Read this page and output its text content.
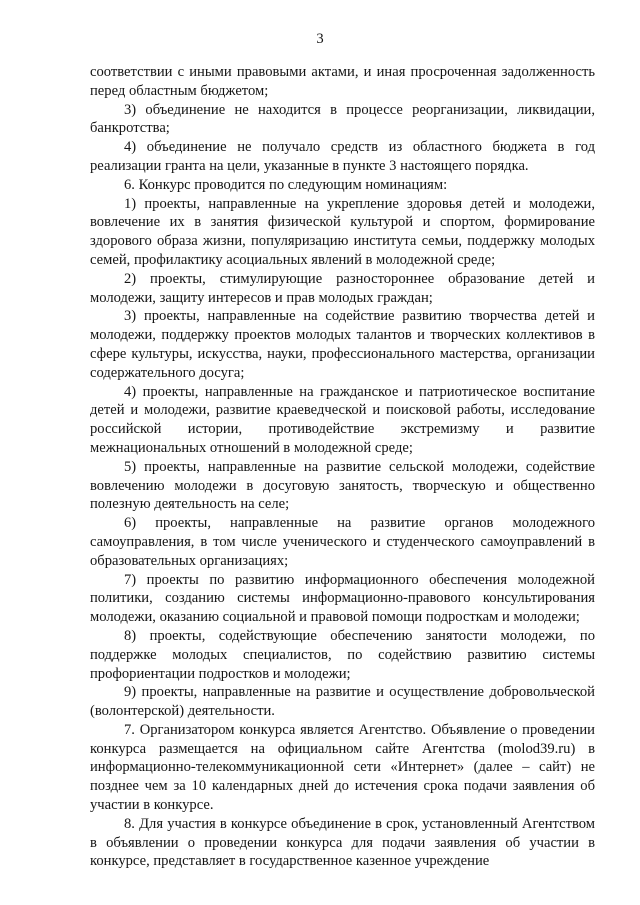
3

соответствии с иными правовыми актами, и иная просроченная задолженность перед областным бюджетом;

3) объединение не находится в процессе реорганизации, ликвидации, банкротства;

4) объединение не получало средств из областного бюджета в год реализации гранта на цели, указанные в пункте 3 настоящего порядка.

6. Конкурс проводится по следующим номинациям:

1) проекты, направленные на укрепление здоровья детей и молодежи, вовлечение их в занятия физической культурой и спортом, формирование здорового образа жизни, популяризацию института семьи, поддержку молодых семей, профилактику асоциальных явлений в молодежной среде;

2) проекты, стимулирующие разностороннее образование детей и молодежи, защиту интересов и прав молодых граждан;

3) проекты, направленные на содействие развитию творчества детей и молодежи, поддержку проектов молодых талантов и творческих коллективов в сфере культуры, искусства, науки, профессионального мастерства, организации содержательного досуга;

4) проекты, направленные на гражданское и патриотическое воспитание детей и молодежи, развитие краеведческой и поисковой работы, исследование российской истории, противодействие экстремизму и развитие межнациональных отношений в молодежной среде;

5) проекты, направленные на развитие сельской молодежи, содействие вовлечению молодежи в досуговую занятость, творческую и общественно полезную деятельность на селе;

6) проекты, направленные на развитие органов молодежного самоуправления, в том числе ученического и студенческого самоуправлений в образовательных организациях;

7) проекты по развитию информационного обеспечения молодежной политики, созданию системы информационно-правового консультирования молодежи, оказанию социальной и правовой помощи подросткам и молодежи;

8) проекты, содействующие обеспечению занятости молодежи, по поддержке молодых специалистов, по содействию развитию системы профориентации подростков и молодежи;

9) проекты, направленные на развитие и осуществление добровольческой (волонтерской) деятельности.

7. Организатором конкурса является Агентство. Объявление о проведении конкурса размещается на официальном сайте Агентства (molod39.ru) в информационно-телекоммуникационной сети «Интернет» (далее – сайт) не позднее чем за 10 календарных дней до истечения срока подачи заявления об участии в конкурсе.

8. Для участия в конкурсе объединение в срок, установленный Агентством в объявлении о проведении конкурса для подачи заявления об участии в конкурсе, представляет в государственное казенное учреждение
